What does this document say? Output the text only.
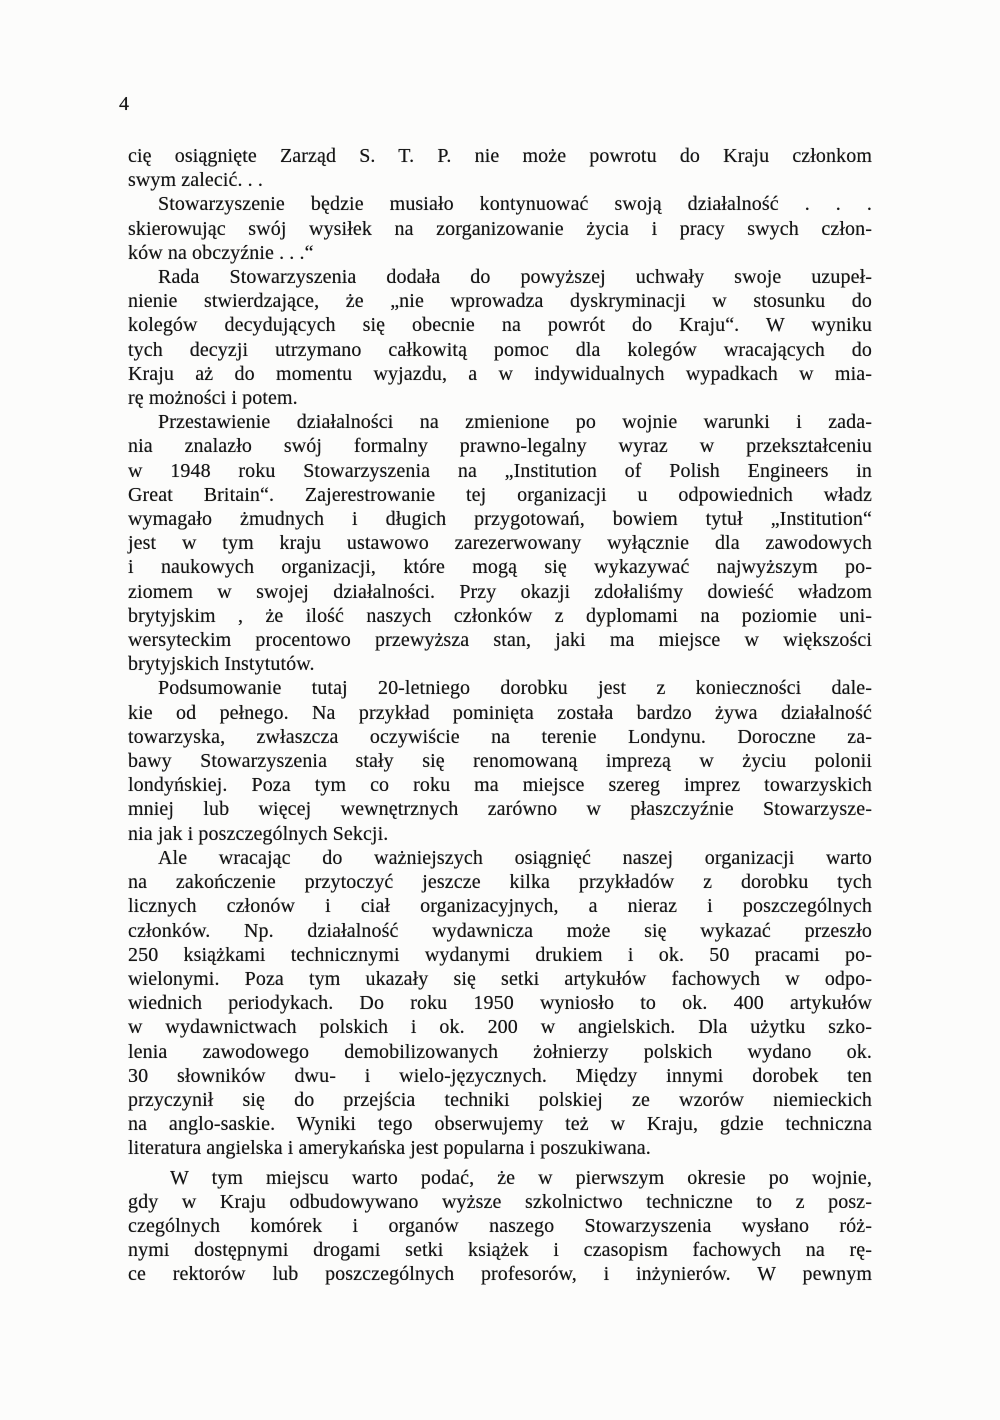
4
cię osiągnięte Zarząd S. T. P. nie może powrotu do Kraju członkom
swym zalecić. . .
Stowarzyszenie będzie musiało kontynuować swoją działalność . . .
skierowując swój wysiłek na zorganizowanie życia i pracy swych człon-
ków na obczyźnie . . .“
Rada Stowarzyszenia dodała do powyższej uchwały swoje uzupeł-
nienie stwierdzające, że „nie wprowadza dyskryminacji w stosunku do
kolegów decydujących się obecnie na powrót do Kraju“. W wyniku
tych decyzji utrzymano całkowitą pomoc dla kolegów wracających do
Kraju aż do momentu wyjazdu, a w indywidualnych wypadkach w mia-
rę możności i potem.
Przestawienie działalności na zmienione po wojnie warunki i zada-
nia znalazło swój formalny prawno-legalny wyraz w przekształceniu
w 1948 roku Stowarzyszenia na „Institution of Polish Engineers in
Great Britain“. Zajerestrowanie tej organizacji u odpowiednich władz
wymagało żmudnych i długich przygotowań, bowiem tytuł „Institution“
jest w tym kraju ustawowo zarezerwowany wyłącznie dla zawodowych
i naukowych organizacji, które mogą się wykazywać najwyższym po-
ziomem w swojej działalności. Przy okazji zdołaliśmy dowieść władzom
brytyjskim , że ilość naszych członków z dyplomami na poziomie uni-
wersyteckim procentowo przewyższa stan, jaki ma miejsce w większości
brytyjskich Instytutów.
Podsumowanie tutaj 20-letniego dorobku jest z konieczności dale-
kie od pełnego. Na przykład pominięta została bardzo żywa działalność
towarzyska, zwłaszcza oczywiście na terenie Londynu. Doroczne za-
bawy Stowarzyszenia stały się renomowaną imprezą w życiu polonii
londyńskiej. Poza tym co roku ma miejsce szereg imprez towarzyskich
mniej lub więcej wewnętrznych zarówno w płaszczyźnie Stowarzysze-
nia jak i poszczególnych Sekcji.
Ale wracając do ważniejszych osiągnięć naszej organizacji warto
na zakończenie przytoczyć jeszcze kilka przykładów z dorobku tych
licznych członów i ciał organizacyjnych, a nieraz i poszczególnych
członków. Np. działalność wydawnicza może się wykazać przeszło
250 książkami technicznymi wydanymi drukiem i ok. 50 pracami po-
wielonymi. Poza tym ukazały się setki artykułów fachowych w odpo-
wiednich periodykach. Do roku 1950 wyniosło to ok. 400 artykułów
w wydawnictwach polskich i ok. 200 w angielskich. Dla użytku szko-
lenia zawodowego demobilizowanych żołnierzy polskich wydano ok.
30 słowników dwu- i wielo-języcznych. Między innymi dorobek ten
przyczynił się do przejścia techniki polskiej ze wzorów niemieckich
na anglo-saskie. Wyniki tego obserwujemy też w Kraju, gdzie techniczna
literatura angielska i amerykańska jest popularna i poszukiwana.
W tym miejscu warto podać, że w pierwszym okresie po wojnie,
gdy w Kraju odbudowywano wyższe szkolnictwo techniczne to z posz-
czególnych komórek i organów naszego Stowarzyszenia wysłano róż-
nymi dostępnymi drogami setki książek i czasopism fachowych na rę-
ce rektorów lub poszczególnych profesorów, i inżynierów. W pewnym
